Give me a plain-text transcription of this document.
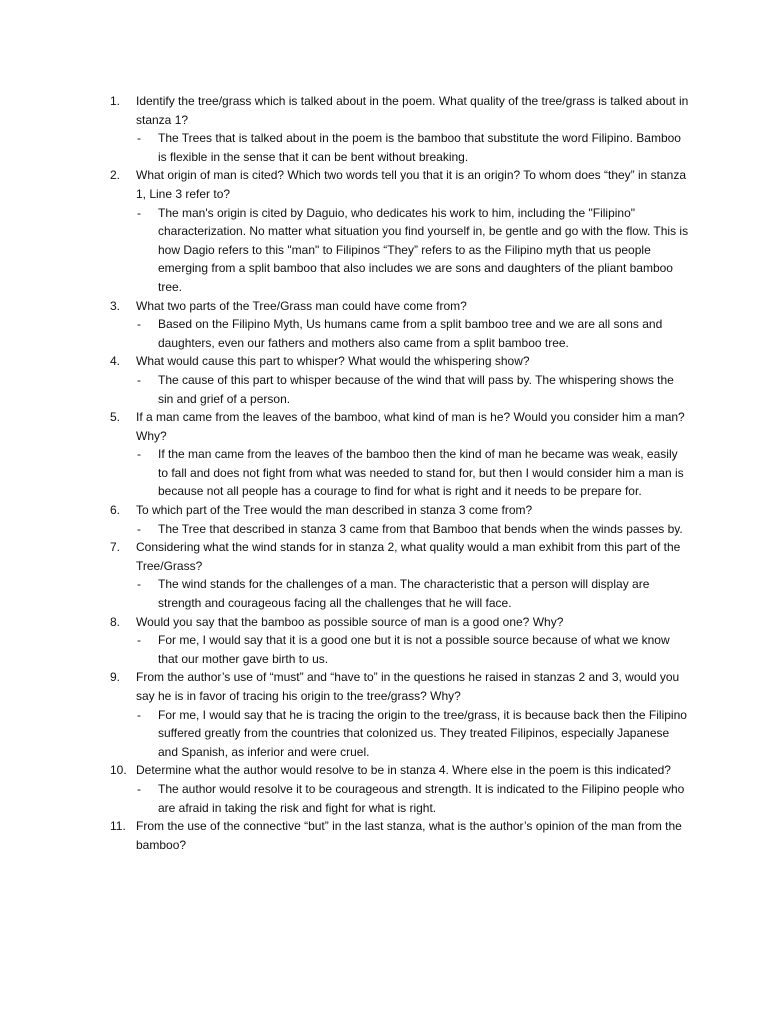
1.	Identify the tree/grass which is talked about in the poem. What quality of the tree/grass is talked about in stanza 1?
- The Trees that is talked about in the poem is the bamboo that substitute the word Filipino. Bamboo is flexible in the sense that it can be bent without breaking.
2.	What origin of man is cited? Which two words tell you that it is an origin? To whom does “they” in stanza 1, Line 3 refer to?
- The man's origin is cited by Daguio, who dedicates his work to him, including the "Filipino" characterization. No matter what situation you find yourself in, be gentle and go with the flow. This is how Dagio refers to this "man" to Filipinos “They” refers to as the Filipino myth that us people emerging from a split bamboo that also includes we are sons and daughters of the pliant bamboo tree.
3.	What two parts of the Tree/Grass man could have come from?
- Based on the Filipino Myth, Us humans came from a split bamboo tree and we are all sons and daughters, even our fathers and mothers also came from a split bamboo tree.
4.	What would cause this part to whisper? What would the whispering show?
- The cause of this part to whisper because of the wind that will pass by. The whispering shows the sin and grief of a person.
5.	If a man came from the leaves of the bamboo, what kind of man is he? Would you consider him a man? Why?
- If the man came from the leaves of the bamboo then the kind of man he became was weak, easily to fall and does not fight from what was needed to stand for, but then I would consider him a man is because not all people has a courage to find for what is right and it needs to be prepare for.
6.	To which part of the Tree would the man described in stanza 3 come from?
- The Tree that described in stanza 3 came from that Bamboo that bends when the winds passes by.
7.	Considering what the wind stands for in stanza 2, what quality would a man exhibit from this part of the Tree/Grass?
- The wind stands for the challenges of a man. The characteristic that a person will display are strength and courageous facing all the challenges that he will face.
8.	Would you say that the bamboo as possible source of man is a good one? Why?
- For me, I would say that it is a good one but it is not a possible source because of what we know that our mother gave birth to us.
9.	From the author’s use of “must” and “have to” in the questions he raised in stanzas 2 and 3, would you say he is in favor of tracing his origin to the tree/grass? Why?
- For me, I would say that he is tracing the origin to the tree/grass, it is because back then the Filipino suffered greatly from the countries that colonized us. They treated Filipinos, especially Japanese and Spanish, as inferior and were cruel.
10. Determine what the author would resolve to be in stanza 4. Where else in the poem is this indicated?
- The author would resolve it to be courageous and strength. It is indicated to the Filipino people who are afraid in taking the risk and fight for what is right.
11. From the use of the connective “but” in the last stanza, what is the author’s opinion of the man from the bamboo?
